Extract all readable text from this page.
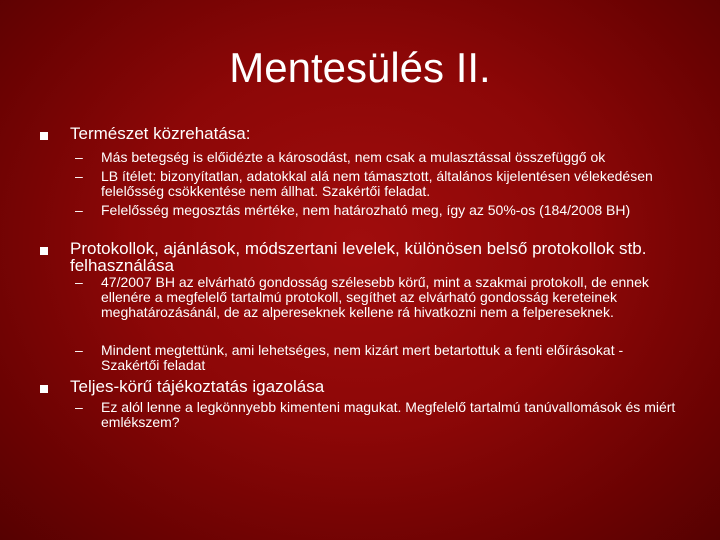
Mentesülés II.
Természet közrehatása:
– Más betegség is előidézte a károsodást, nem csak a mulasztással összefüggő ok
– LB ítélet: bizonyítatlan, adatokkal alá nem támasztott, általános kijelentésen vélekedésen felelősség csökkentése nem állhat. Szakértői feladat.
– Felelősség megosztás mértéke, nem határozható meg, így az 50%-os (184/2008 BH)
Protokollok, ajánlások, módszertani levelek, különösen belső protokollok stb. felhasználása
– 47/2007 BH az elvárható gondosság szélesebb körű, mint a szakmai protokoll, de ennek ellenére a megfelelő tartalmú protokoll, segíthet az elvárható gondosság kereteinek meghatározásánál, de az alpereseknek kellene rá hivatkozni nem a felpereseknek.
– Mindent megtettünk, ami lehetséges, nem kizárt mert betartottuk a fenti előírásokat - Szakértői feladat
Teljes-körű tájékoztatás igazolása
– Ez alól lenne a legkönnyebb kimenteni magukat. Megfelelő tartalmú tanúvallomások és miért emlékszem?
